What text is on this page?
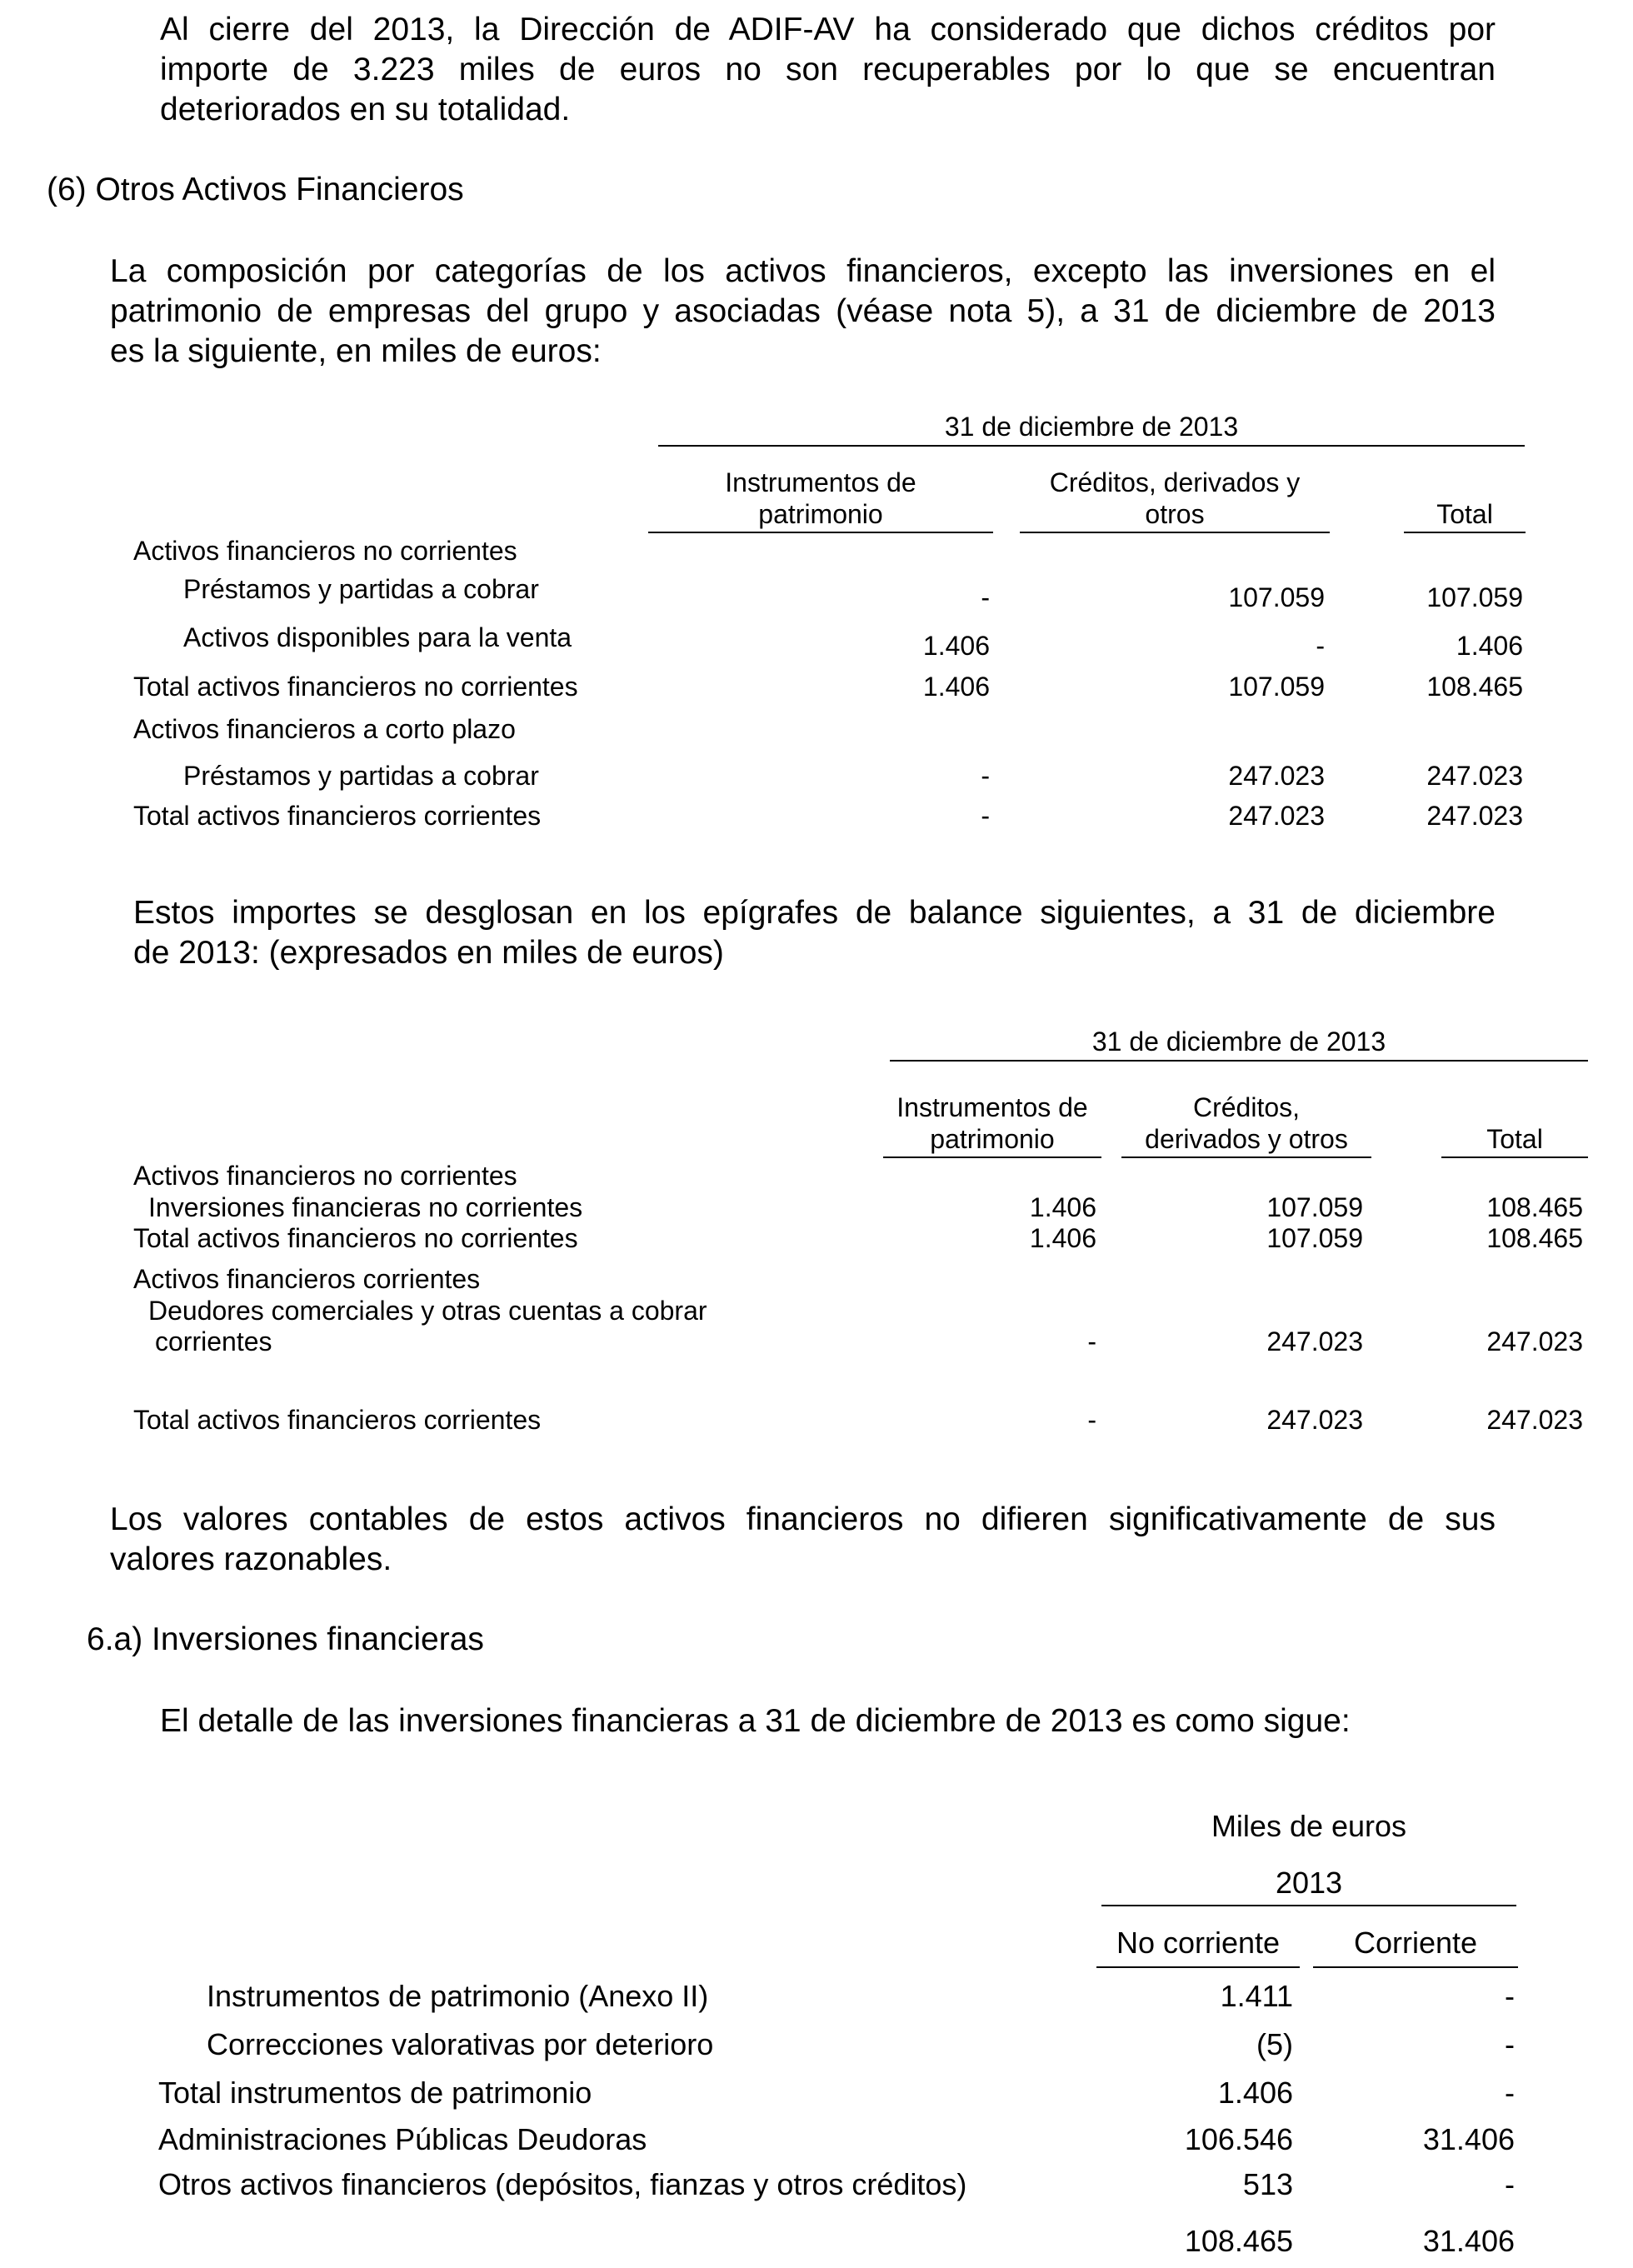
Al cierre del 2013, la Dirección de ADIF-AV ha considerado que dichos créditos por
importe de 3.223 miles de euros no son recuperables por lo que se encuentran
deteriorados en su totalidad.
(6) Otros Activos Financieros
La composición por categorías de los activos financieros, excepto las inversiones en el
patrimonio de empresas del grupo y asociadas (véase nota 5), a 31 de diciembre de 2013
es la siguiente, en miles de euros:
31 de diciembre de 2013
Instrumentos de
patrimonio
Créditos, derivados y
otros	Total
Activos financieros no corrientes
Préstamos y partidas a cobrar	-	107.059	107.059
Activos disponibles para la venta	1.406	-	1.406
Total activos financieros no corrientes	1.406	107.059	108.465
Activos financieros a corto plazo
Préstamos y partidas a cobrar	-	247.023	247.023
Total activos financieros corrientes	-	247.023	247.023
Estos importes se desglosan en los epígrafes de balance siguientes, a 31 de diciembre
de 2013: (expresados en miles de euros)
31 de diciembre de 2013
Instrumentos de
patrimonio
Créditos,
derivados y otros	Total
Activos financieros no corrientes
Inversiones financieras no corrientes	1.406	107.059	108.465
Total activos financieros no corrientes	1.406	107.059	108.465
Activos financieros corrientes
Deudores comerciales y otras cuentas a cobrar
corrientes	-	247.023	247.023
Total activos financieros corrientes	-	247.023	247.023
Los valores contables de estos activos financieros no difieren significativamente de sus
valores razonables.
6.a) Inversiones financieras
El detalle de las inversiones financieras a 31 de diciembre de 2013 es como sigue:
Miles de euros
2013
No corriente	Corriente
Instrumentos de patrimonio (Anexo II)	1.411	-
Correcciones valorativas por deterioro	(5)	-
Total instrumentos de patrimonio	1.406	-
Administraciones Públicas Deudoras	106.546	31.406
Otros activos financieros (depósitos, fianzas y otros créditos)	513	-
108.465	31.406
